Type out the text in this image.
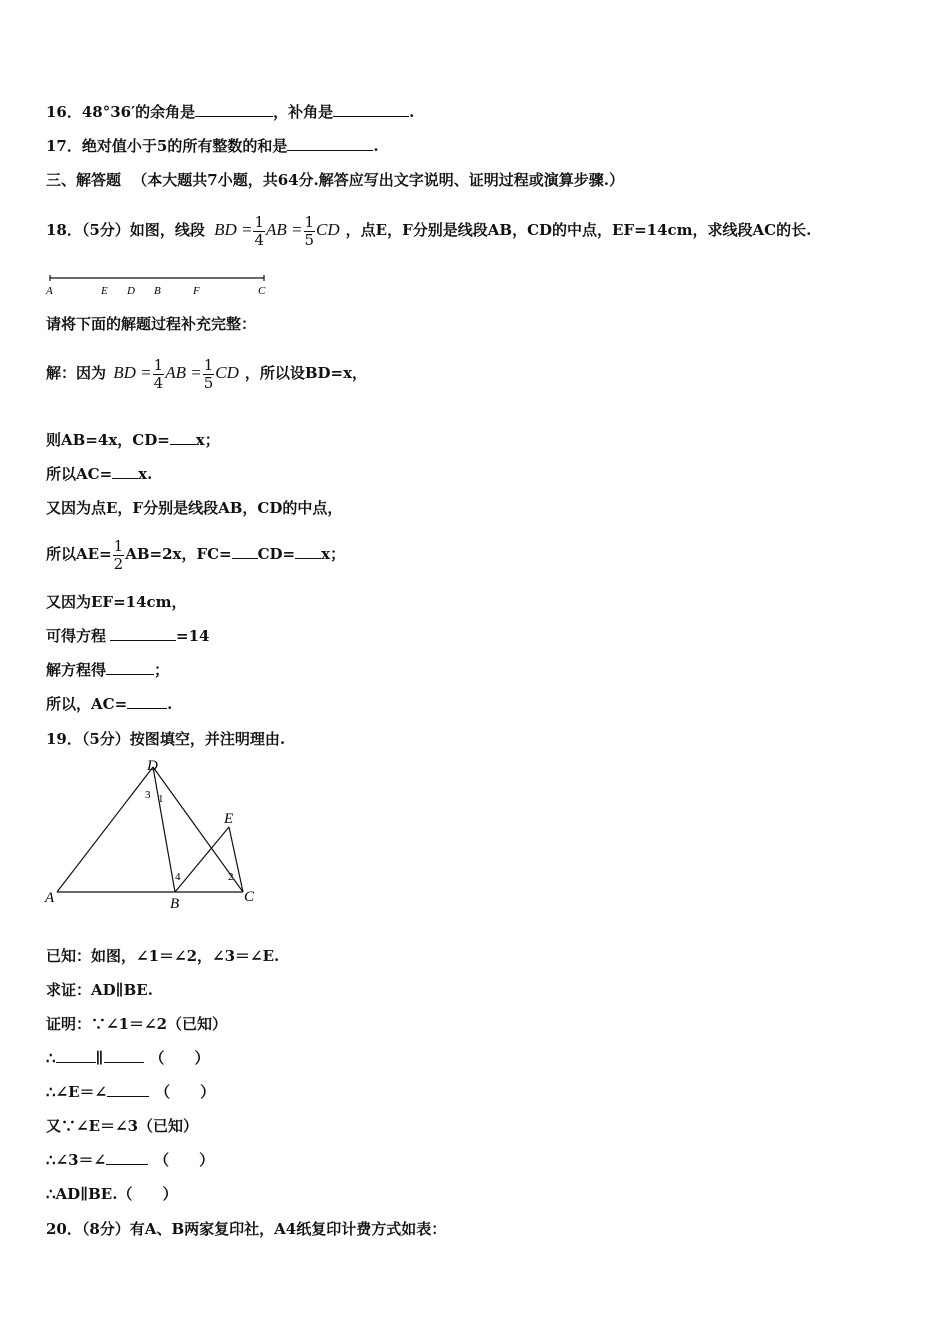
16．48°36′的余角是	，补角是	.
17．绝对值小于5的所有整数的和是	.
三、解答题 （本大题共7小题，共64分.解答应写出文字说明、证明过程或演算步骤.）
18．（5分）如图，线段 BD = $\frac{1}{4}$ AB = $\frac{1}{5}$ CD ，点E，F分别是线段AB，CD的中点，EF=14cm，求线段AC的长.
A	E D B	F	C
请将下面的解题过程补充完整：
解：因为 BD = $\frac{1}{4}$ AB = $\frac{1}{5}$ CD ，所以设BD=x，
则AB=4x，CD= x；
所以AC= x.
又因为点E，F分别是线段AB，CD的中点，
所以$AE= \frac{1}{2} AB=2x$，FC= CD= x；
又因为EF=14cm，
可得方程	=14
解方程得	；
所以，AC=	.
19．（5分）按图填空，并注明理由.
D
E
A	B	C
1
2
3
4
已知：如图，∠1＝∠2，∠3＝∠E.
求证：AD∥BE.
证明：∵∠1＝∠2（已知）
∴	∥	（　　）
∴∠E＝∠	（　　）
又∵∠E＝∠3（已知）
∴∠3＝∠	（　　）
∴AD∥BE.（　　）
20．（8分）有A、B两家复印社，A4纸复印计费方式如表：
